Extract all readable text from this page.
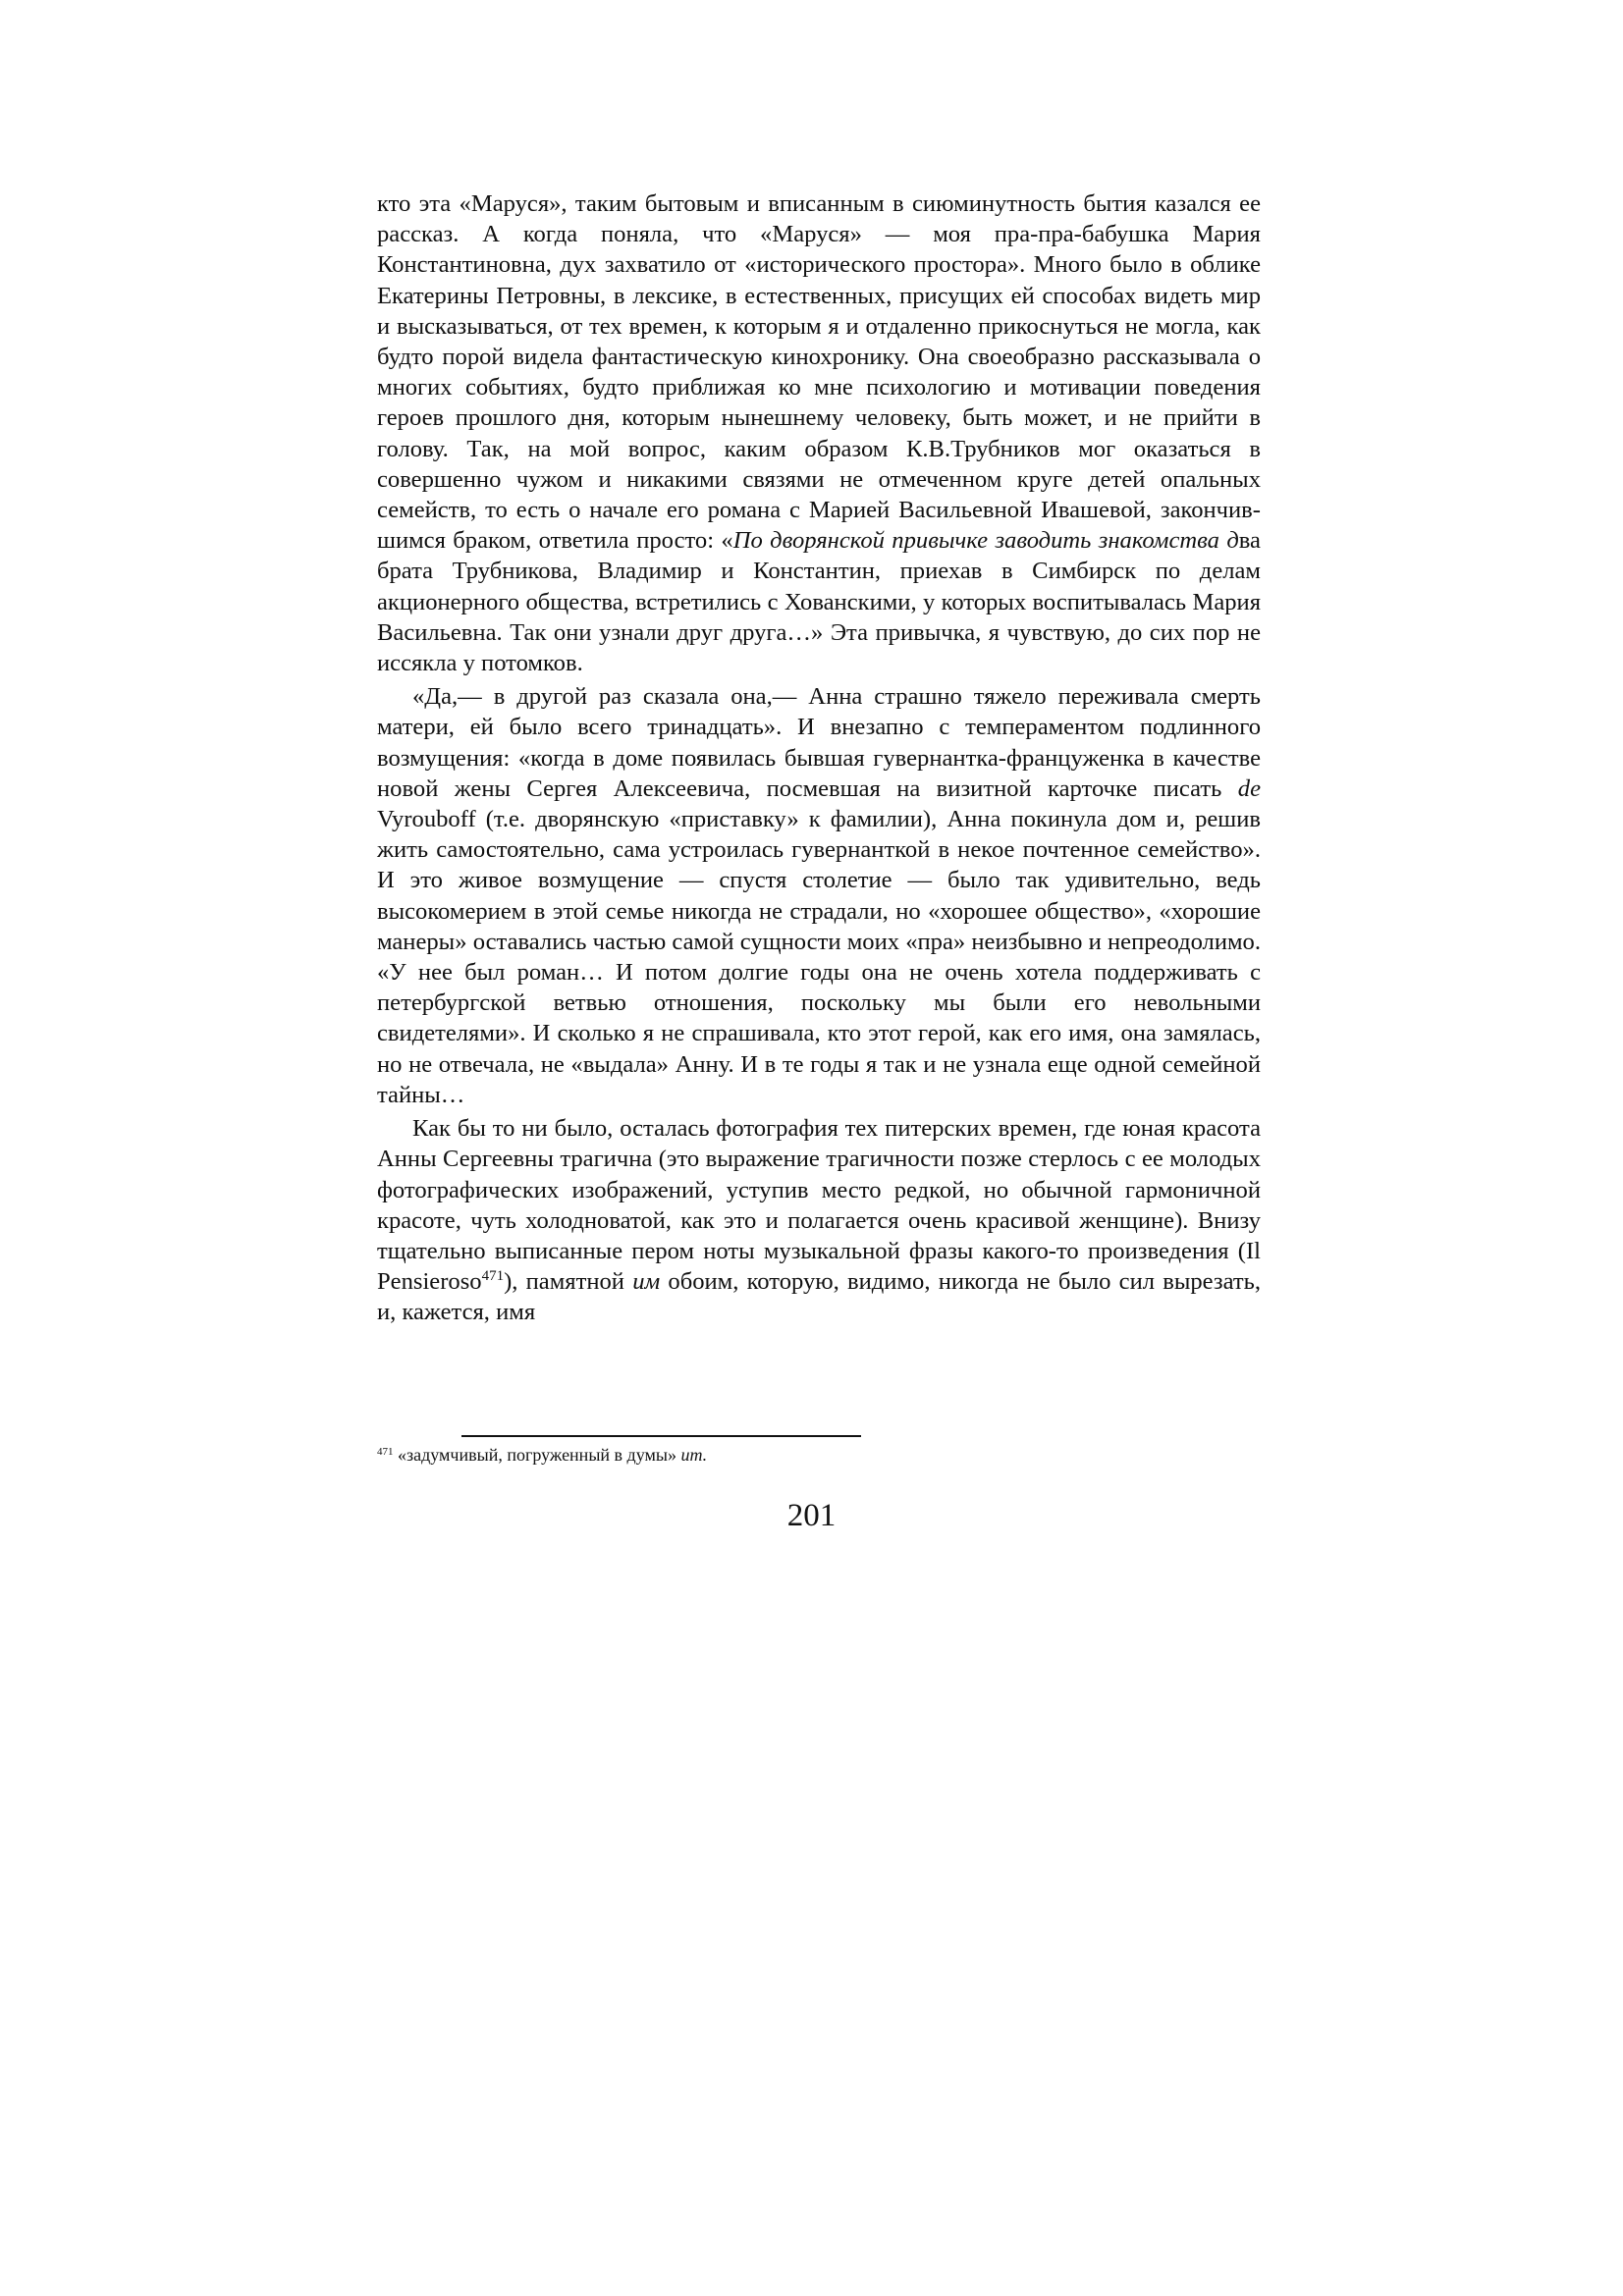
кто эта «Маруся», таким бытовым и вписанным в сиюминутность бытия казался ее рассказ. А когда поняла, что «Маруся» — моя пра-пра-бабушка Мария Константиновна, дух захватило от «исторического простора». Много было в облике Екатерины Петровны, в лексике, в естественных, присущих ей способах видеть мир и высказываться, от тех времен, к которым я и отдаленно прикоснуться не могла, как будто порой видела фантастическую кинохронику. Она своеобразно рассказывала о многих событиях, будто приближая ко мне психологию и мотивации поведения героев прошлого дня, которым нынешнему человеку, быть может, и не прийти в голову. Так, на мой вопрос, каким образом К.В.Трубников мог оказаться в совершенно чужом и никакими связями не отмеченном круге детей опальных семейств, то есть о начале его романа с Марией Васильевной Ивашевой, закончившимся браком, ответила просто: «По дворянской привычке заводить знакомства два брата Трубникова, Владимир и Константин, приехав в Симбирск по делам акционерного общества, встретились с Хованскими, у которых воспитывалась Мария Васильевна. Так они узнали друг друга…» Эта привычка, я чувствую, до сих пор не иссякла у потомков.

«Да,— в другой раз сказала она,— Анна страшно тяжело переживала смерть матери, ей было всего тринадцать». И внезапно с темпераментом подлинного возмущения: «когда в доме появилась бывшая гувернантка-француженка в качестве новой жены Сергея Алексеевича, посмевшая на визитной карточке писать de Vyrouboff (т.е. дворянскую «приставку» к фамилии), Анна покинула дом и, решив жить самостоятельно, сама устроилась гувернанткой в некое почтенное семейство». И это живое возмущение — спустя столетие — было так удивительно, ведь высокомерием в этой семье никогда не страдали, но «хорошее общество», «хорошие манеры» оставались частью самой сущности моих «пра» неизбывно и непреодолимо. «У нее был роман… И потом долгие годы она не очень хотела поддерживать с петербургской ветвью отношения, поскольку мы были его невольными свидетелями». И сколько я не спрашивала, кто этот герой, как его имя, она замялась, но не отвечала, не «выдала» Анну. И в те годы я так и не узнала еще одной семейной тайны…

Как бы то ни было, осталась фотография тех питерских времен, где юная красота Анны Сергеевны трагична (это выражение трагичности позже стерлось с ее молодых фотографических изображений, уступив место редкой, но обычной гармоничной красоте, чуть холодноватой, как это и полагается очень красивой женщине). Внизу тщательно выписанные пером ноты музыкальной фразы какого-то произведения (Il Pensieroso$^{471}$), памятной им обоим, которую, видимо, никогда не было сил вырезать, и, кажется, имя

$^{471}$ «задумчивый, погруженный в думы» ит.
201
